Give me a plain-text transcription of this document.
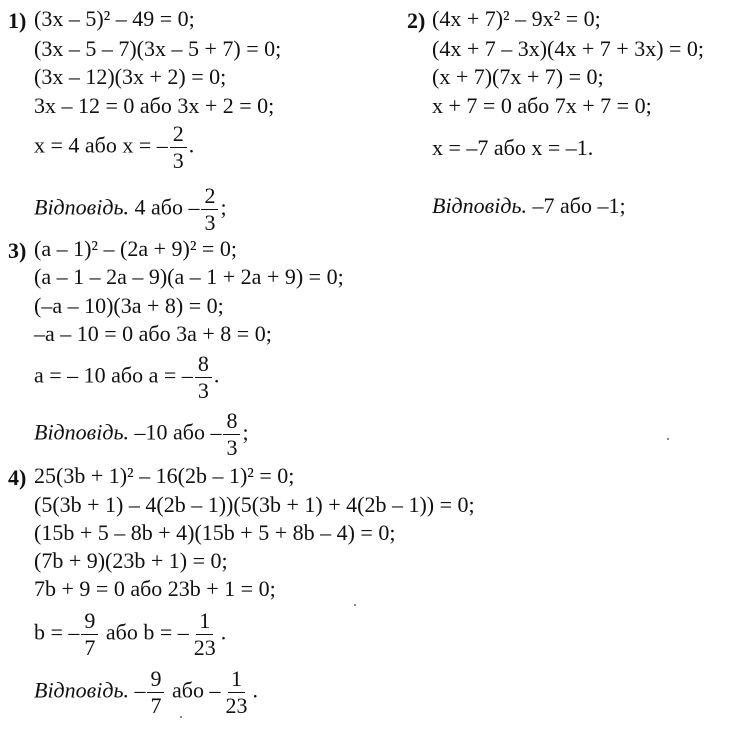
1) (3x – 5)² – 49 = 0;
(3x – 5 – 7)(3x – 5 + 7) = 0;
(3x – 12)(3x + 2) = 0;
3x – 12 = 0 або 3x + 2 = 0;
x = 4 або x = – $\frac{2}{3}$ .
Відповідь. 4 або – $\frac{2}{3}$ ;
2) (4x + 7)² – 9x² = 0;
(4x + 7 – 3x)(4x + 7 + 3x) = 0;
(x + 7)(7x + 7) = 0;
x + 7 = 0 або 7x + 7 = 0;
x = –7 або x = –1.
Відповідь. –7 або –1;
3) (a – 1)² – (2a + 9)² = 0;
(a – 1 – 2a – 9)(a – 1 + 2a + 9) = 0;
(–a – 10)(3a + 8) = 0;
–a – 10 = 0 або 3a + 8 = 0;
a = – 10 або a = – $\frac{8}{3}$ .
Відповідь. –10 або – $\frac{8}{3}$ ;
4) 25(3b + 1)² – 16(2b – 1)² = 0;
(5(3b + 1) – 4(2b – 1))(5(3b + 1) + 4(2b – 1)) = 0;
(15b + 5 – 8b + 4)(15b + 5 + 8b – 4) = 0;
(7b + 9)(23b + 1) = 0;
7b + 9 = 0 або 23b + 1 = 0;
b = – $\frac{9}{7}$ або b = – $\frac{1}{23}$ .
Відповідь. – $\frac{9}{7}$ або – $\frac{1}{23}$ .
